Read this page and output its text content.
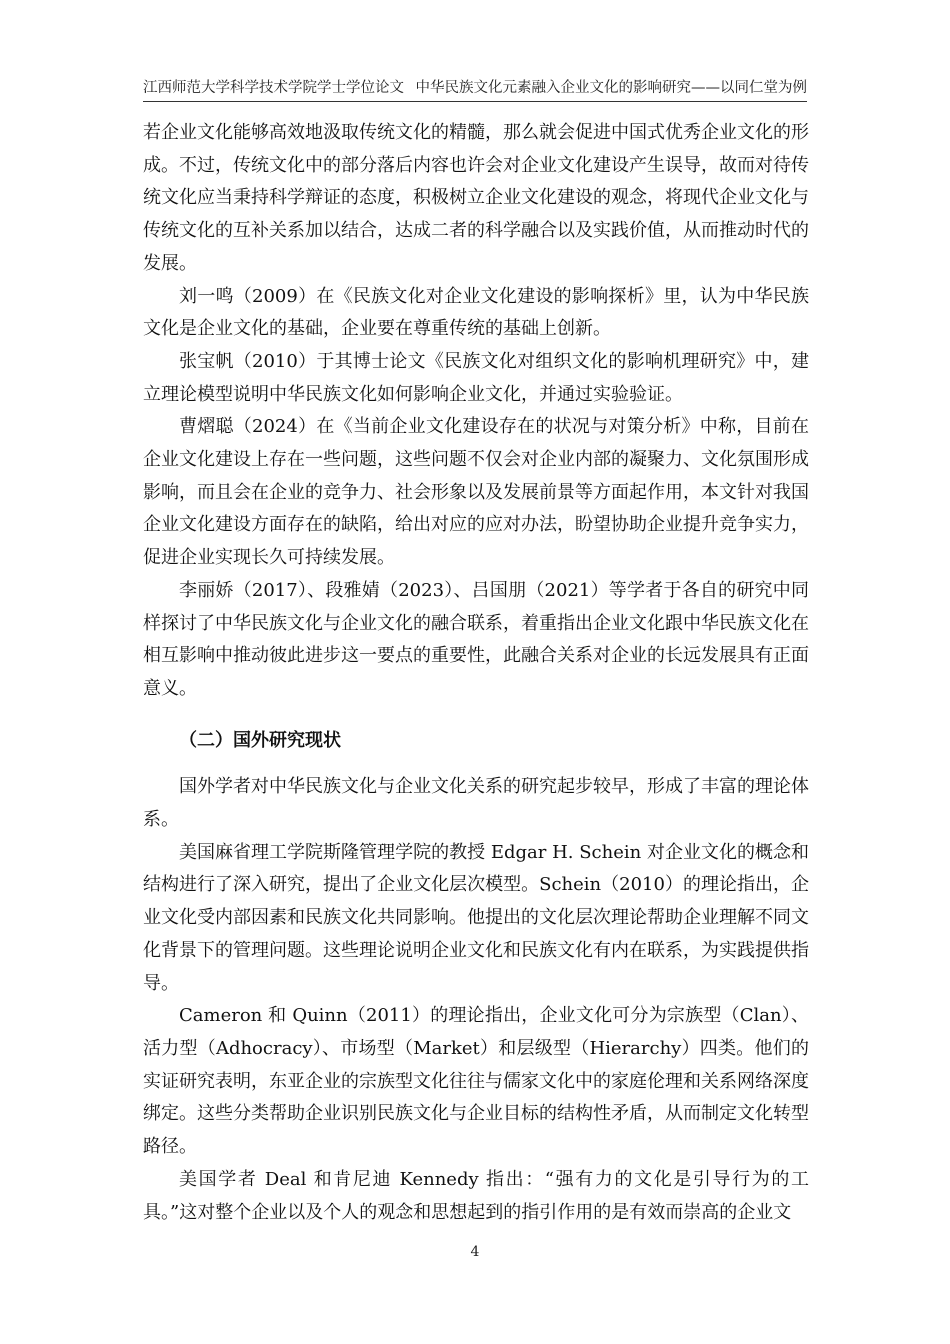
江西师范大学科学技术学院学士学位论文 中华民族文化元素融入企业文化的影响研究——以同仁堂为例

若企业文化能够高效地汲取传统文化的精髓，那么就会促进中国式优秀企业文化的形成。不过，传统文化中的部分落后内容也许会对企业文化建设产生误导，故而对待传统文化应当秉持科学辩证的态度，积极树立企业文化建设的观念，将现代企业文化与传统文化的互补关系加以结合，达成二者的科学融合以及实践价值，从而推动时代的发展。

刘一鸣（2009）在《民族文化对企业文化建设的影响探析》里，认为中华民族文化是企业文化的基础，企业要在尊重传统的基础上创新。

张宝帆（2010）于其博士论文《民族文化对组织文化的影响机理研究》中，建立理论模型说明中华民族文化如何影响企业文化，并通过实验验证。

曹熠聪（2024）在《当前企业文化建设存在的状况与对策分析》中称，目前在企业文化建设上存在一些问题，这些问题不仅会对企业内部的凝聚力、文化氛围形成影响，而且会在企业的竞争力、社会形象以及发展前景等方面起作用，本文针对我国企业文化建设方面存在的缺陷，给出对应的应对办法，盼望协助企业提升竞争实力，促进企业实现长久可持续发展。

李丽娇（2017）、段雅婧（2023）、吕国朋（2021）等学者于各自的研究中同样探讨了中华民族文化与企业文化的融合联系，着重指出企业文化跟中华民族文化在相互影响中推动彼此进步这一要点的重要性，此融合关系对企业的长远发展具有正面意义。

（二）国外研究现状

国外学者对中华民族文化与企业文化关系的研究起步较早，形成了丰富的理论体系。

美国麻省理工学院斯隆管理学院的教授 Edgar H. Schein 对企业文化的概念和结构进行了深入研究，提出了企业文化层次模型。Schein（2010）的理论指出，企业文化受内部因素和民族文化共同影响。他提出的文化层次理论帮助企业理解不同文化背景下的管理问题。这些理论说明企业文化和民族文化有内在联系，为实践提供指导。

Cameron 和 Quinn（2011）的理论指出，企业文化可分为宗族型（Clan）、活力型（Adhocracy）、市场型（Market）和层级型（Hierarchy）四类。他们的实证研究表明，东亚企业的宗族型文化往往与儒家文化中的家庭伦理和关系网络深度绑定。这些分类帮助企业识别民族文化与企业目标的结构性矛盾，从而制定文化转型路径。

美国学者 Deal 和肯尼迪 Kennedy 指出：“强有力的文化是引导行为的工具。”这对整个企业以及个人的观念和思想起到的指引作用的是有效而崇高的企业文

4
